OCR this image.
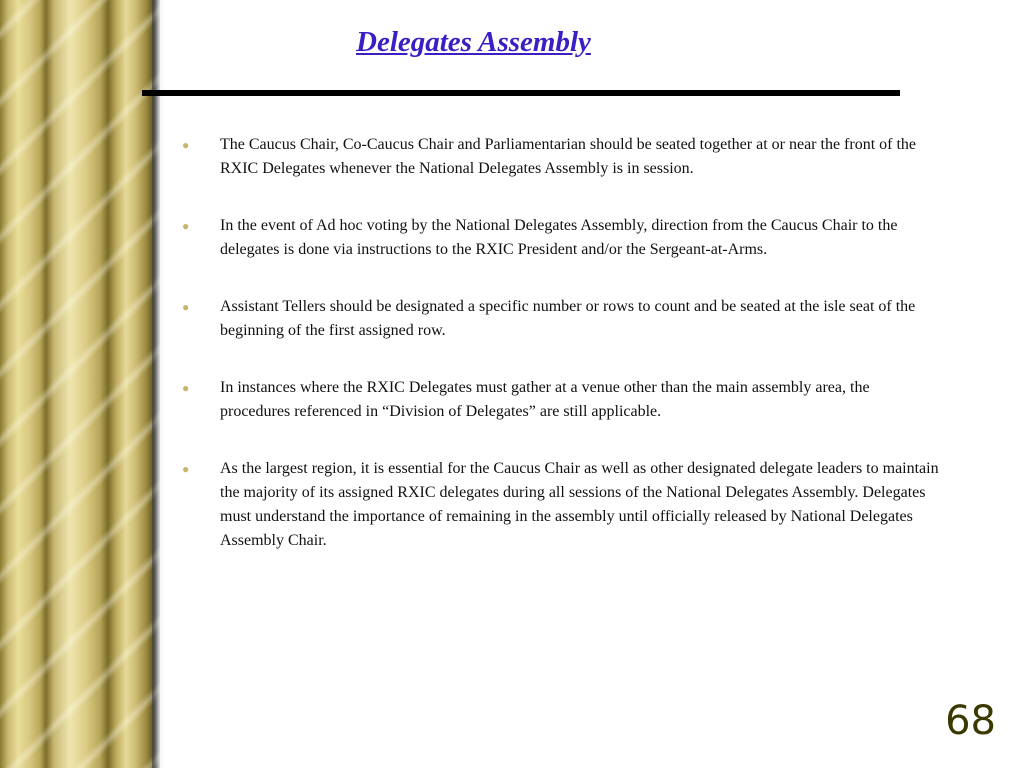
Delegates Assembly
●	The Caucus Chair, Co-Caucus Chair and Parliamentarian should be seated together at or near the front of the RXIC Delegates whenever the National Delegates Assembly is in session.
●	In the event of Ad hoc voting by the National Delegates Assembly, direction from the Caucus Chair to the delegates is done via instructions to the RXIC President and/or the Sergeant-at-Arms.
●	Assistant Tellers should be designated a specific number or rows to count and be seated at the isle seat of the beginning of the first assigned row.
●	In instances where the RXIC Delegates must gather at a venue other than the main assembly area, the procedures referenced in “Division of Delegates” are still applicable.
●	As the largest region, it is essential for the Caucus Chair as well as other designated delegate leaders to maintain the majority of its assigned RXIC delegates during all sessions of the National Delegates Assembly. Delegates must understand the importance of remaining in the assembly until officially released by National Delegates Assembly Chair.
68
